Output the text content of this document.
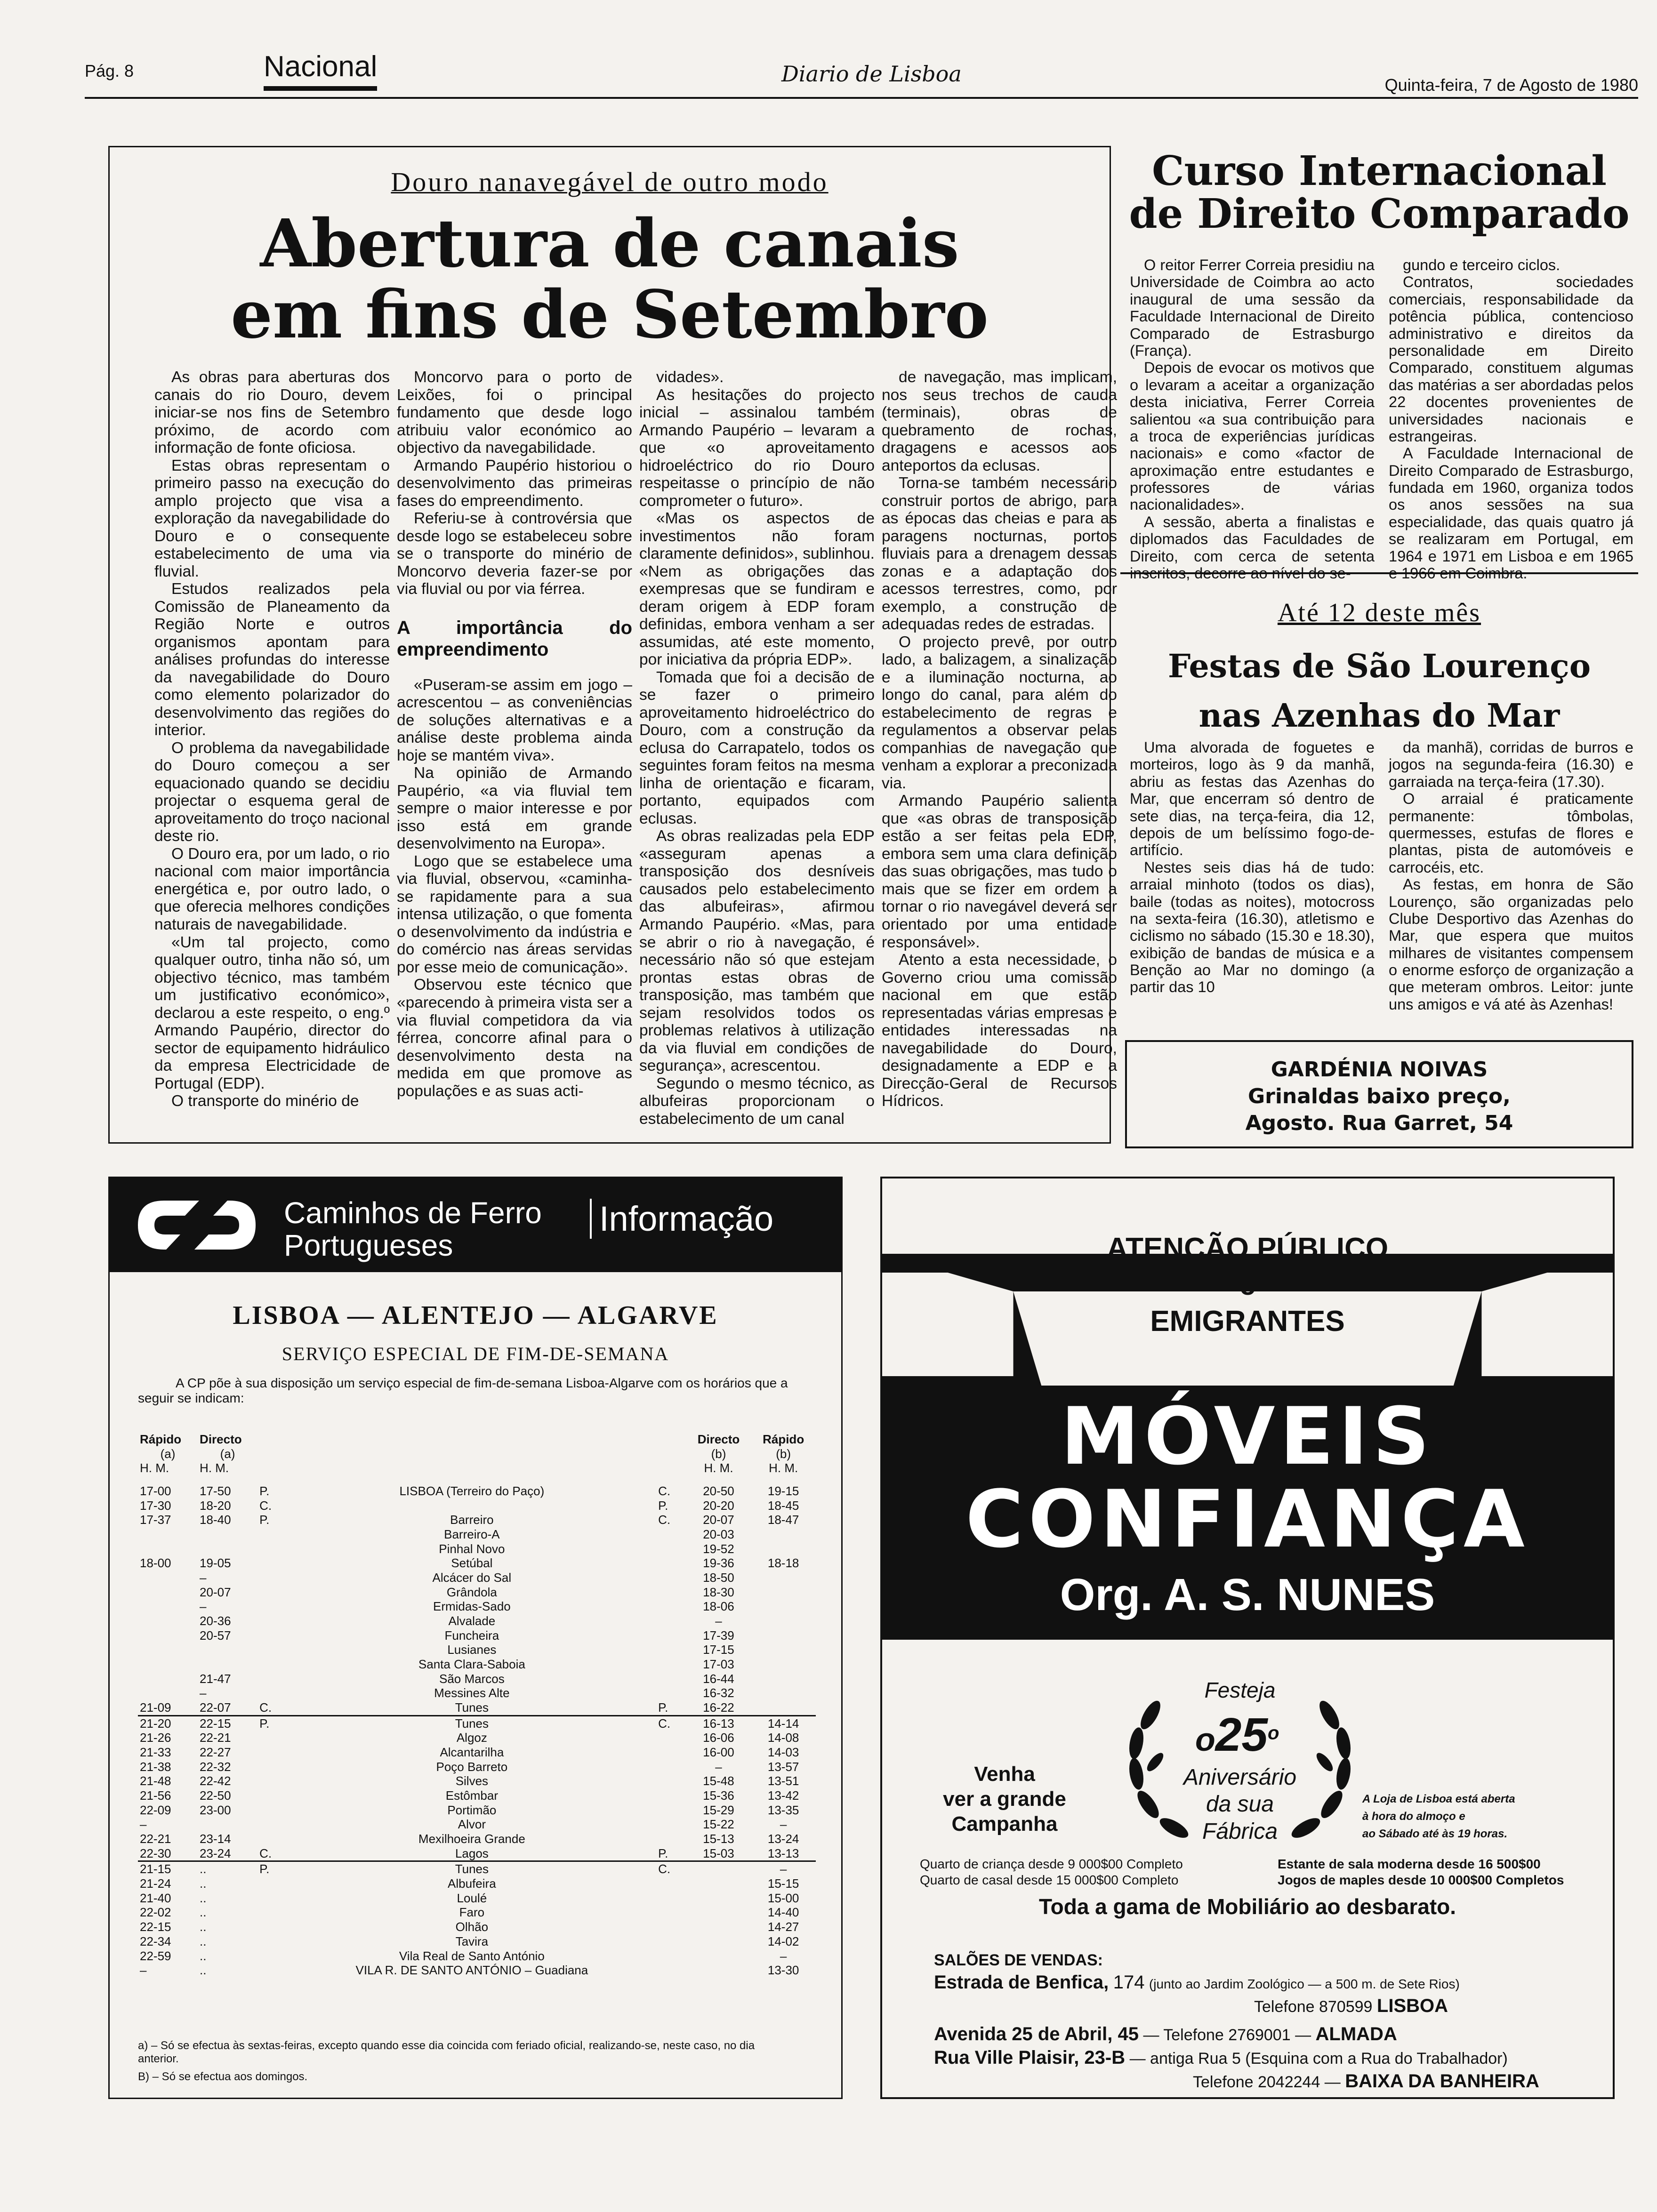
Pág. 8	Nacional	Diario de Lisboa	Quinta-feira, 7 de Agosto de 1980
Douro nanavegável de outro modo
Abertura de canais
em fins de Setembro

As obras para aberturas dos canais do rio Douro, devem iniciar-se nos fins de Setembro próximo, de acordo com informação de fonte oficiosa.

Estas obras representam o primeiro passo na execução do amplo projecto que visa a exploração da navegabilidade do Douro e o consequente estabelecimento de uma via fluvial.

Estudos realizados pela Comissão de Planeamento da Região Norte e outros organismos apontam para análises profundas do interesse da navegabilidade do Douro como elemento polarizador do desenvolvimento das regiões do interior.

O problema da navegabilidade do Douro começou a ser equacionado quando se decidiu projectar o esquema geral de aproveitamento do troço nacional deste rio.

O Douro era, por um lado, o rio nacional com maior importância energética e, por outro lado, o que oferecia melhores condições naturais de navegabilidade.

«Um tal projecto, como qualquer outro, tinha não só, um objectivo técnico, mas também um justificativo económico», declarou a este respeito, o eng.º Armando Paupério, director do sector de equipamento hidráulico da empresa Electricidade de Portugal (EDP).

O transporte do minério de

Moncorvo para o porto de Leixões, foi o principal fundamento que desde logo atribuiu valor económico ao objectivo da navegabilidade.

Armando Paupério historiou o desenvolvimento das primeiras fases do empreendimento.

Referiu-se à controvérsia que desde logo se estabeleceu sobre se o transporte do minério de Moncorvo deveria fazer-se por via fluvial ou por via férrea.

A importância do empreendimento

«Puseram-se assim em jogo – acrescentou – as conveniências de soluções alternativas e a análise deste problema ainda hoje se mantém viva».

Na opinião de Armando Paupério, «a via fluvial tem sempre o maior interesse e por isso está em grande desenvolvimento na Europa».

Logo que se estabelece uma via fluvial, observou, «caminha-se rapidamente para a sua intensa utilização, o que fomenta o desenvolvimento da indústria e do comércio nas áreas servidas por esse meio de comunicação».

Observou este técnico que «parecendo à primeira vista ser a via fluvial competidora da via férrea, concorre afinal para o desenvolvimento desta na medida em que promove as populações e as suas acti-

vidades».

As hesitações do projecto inicial – assinalou também Armando Paupério – levaram a que «o aproveitamento hidroeléctrico do rio Douro respeitasse o princípio de não comprometer o futuro».

«Mas os aspectos de investimentos não foram claramente definidos», sublinhou. «Nem as obrigações das exempresas que se fundiram e deram origem à EDP foram definidas, embora venham a ser assumidas, até este momento, por iniciativa da própria EDP».

Tomada que foi a decisão de se fazer o primeiro aproveitamento hidroeléctrico do Douro, com a construção da eclusa do Carrapatelo, todos os seguintes foram feitos na mesma linha de orientação e ficaram, portanto, equipados com eclusas.

As obras realizadas pela EDP «asseguram apenas a transposição dos desníveis causados pelo estabelecimento das albufeiras», afirmou Armando Paupério. «Mas, para se abrir o rio à navegação, é necessário não só que estejam prontas estas obras de transposição, mas também que sejam resolvidos todos os problemas relativos à utilização da via fluvial em condições de segurança», acrescentou.

Segundo o mesmo técnico, as albufeiras proporcionam o estabelecimento de um canal

de navegação, mas implicam, nos seus trechos de cauda (terminais), obras de quebramento de rochas, dragagens e acessos aos anteportos da eclusas.

Torna-se também necessário construir portos de abrigo, para as épocas das cheias e para as paragens nocturnas, portos fluviais para a drenagem dessas zonas e a adaptação dos acessos terrestres, como, por exemplo, a construção de adequadas redes de estradas.

O projecto prevê, por outro lado, a balizagem, a sinalização e a iluminação nocturna, ao longo do canal, para além do estabelecimento de regras e regulamentos a observar pelas companhias de navegação que venham a explorar a preconizada via.

Armando Paupério salienta que «as obras de transposição estão a ser feitas pela EDP, embora sem uma clara definição das suas obrigações, mas tudo o mais que se fizer em ordem a tornar o rio navegável deverá ser orientado por uma entidade responsável».

Atento a esta necessidade, o Governo criou uma comissão nacional em que estão representadas várias empresas e entidades interessadas na navegabilidade do Douro, designadamente a EDP e a Direcção-Geral de Recursos Hídricos.

Curso Internacional
de Direito Comparado

O reitor Ferrer Correia presidiu na Universidade de Coimbra ao acto inaugural de uma sessão da Faculdade Internacional de Direito Comparado de Estrasburgo (França).

Depois de evocar os motivos que o levaram a aceitar a organização desta iniciativa, Ferrer Correia salientou «a sua contribuição para a troca de experiências jurídicas nacionais» e como «factor de aproximação entre estudantes e professores de várias nacionalidades».

A sessão, aberta a finalistas e diplomados das Faculdades de Direito, com cerca de setenta inscritos, decorre ao nível do se-

gundo e terceiro ciclos.

Contratos, sociedades comerciais, responsabilidade da potência pública, contencioso administrativo e direitos da personalidade em Direito Comparado, constituem algumas das matérias a ser abordadas pelos 22 docentes provenientes de universidades nacionais e estrangeiras.

A Faculdade Internacional de Direito Comparado de Estrasburgo, fundada em 1960, organiza todos os anos sessões na sua especialidade, das quais quatro já se realizaram em Portugal, em 1964 e 1971 em Lisboa e em 1965 e 1966 em Coimbra.

Até 12 deste mês
Festas de São Lourenço
nas Azenhas do Mar

Uma alvorada de foguetes e morteiros, logo às 9 da manhã, abriu as festas das Azenhas do Mar, que encerram só dentro de sete dias, na terça-feira, dia 12, depois de um belíssimo fogo-de-artifício.

Nestes seis dias há de tudo: arraial minhoto (todos os dias), baile (todas as noites), motocross na sexta-feira (16.30), atletismo e ciclismo no sábado (15.30 e 18.30), exibição de bandas de música e a Benção ao Mar no domingo (a partir das 10

da manhã), corridas de burros e jogos na segunda-feira (16.30) e garraiada na terça-feira (17.30).

O arraial é praticamente permanente: tômbolas, quermesses, estufas de flores e plantas, pista de automóveis e carrocéis, etc.

As festas, em honra de São Lourenço, são organizadas pelo Clube Desportivo das Azenhas do Mar, que espera que muitos milhares de visitantes compensem o enorme esforço de organização a que meteram ombros. Leitor: junte uns amigos e vá até às Azenhas!

GARDÉNIA NOIVAS
Grinaldas baixo preço,
Agosto. Rua Garret, 54
Caminhos de Ferro
Portugueses
Informação
LISBOA — ALENTEJO — ALGARVE
SERVIÇO ESPECIAL DE FIM-DE-SEMANA
A CP põe à sua disposição um serviço especial de fim-de-semana Lisboa-Algarve com os horários que a seguir se indicam:
Rápido	Directo		Directo	Rápido
(a)	(a)		(b)	(b)
H. M.	H. M.		H. M.	H. M.
17-00	17-50	P.	LISBOA (Terreiro do Paço)	C.	20-50	19-15
17-30	18-20	C.		P.	20-20	18-45
17-37	18-40	P.	Barreiro	C.	20-07	18-47
			Barreiro-A		20-03	
			Pinhal Novo		19-52	
18-00	19-05		Setúbal		19-36	18-18
	–		Alcácer do Sal		18-50	
	20-07		Grândola		18-30	
	–		Ermidas-Sado		18-06	
	20-36		Alvalade		–	
	20-57		Funcheira		17-39	
			Lusianes		17-15	
			Santa Clara-Saboia		17-03	
	21-47		São Marcos		16-44	
	–		Messines Alte		16-32	
21-09	22-07	C.	Tunes	P.	16-22	
21-20	22-15	P.	Tunes	C.	16-13	14-14
21-26	22-21		Algoz		16-06	14-08
21-33	22-27		Alcantarilha		16-00	14-03
21-38	22-32		Poço Barreto		–	13-57
21-48	22-42		Silves		15-48	13-51
21-56	22-50		Estômbar		15-36	13-42
22-09	23-00		Portimão		15-29	13-35
–			Alvor		15-22	–
22-21	23-14		Mexilhoeira Grande		15-13	13-24
22-30	23-24	C.	Lagos	P.	15-03	13-13
21-15	..	P.	Tunes	C.		–
21-24	..		Albufeira			15-15
21-40	..		Loulé			15-00
22-02	..		Faro			14-40
22-15	..		Olhão			14-27
22-34	..		Tavira			14-02
22-59	..		Vila Real de Santo António			–
–	..		VILA R. DE SANTO ANTÓNIO – Guadiana			13-30
a) – Só se efectua às sextas-feiras, excepto quando esse dia coincida com feriado oficial, realizando-se, neste caso, no dia anterior.
B) – Só se efectua aos domingos.
ATENÇÃO PÚBLICO
e
EMIGRANTES
MÓVEIS
CONFIANÇA
Org. A. S. NUNES
Festeja
o25$^o$
Aniversário
da sua
Fábrica
Venha
ver a grande
Campanha
A Loja de Lisboa está aberta
à hora do almoço e
ao Sábado até às 19 horas.
Quarto de criança desde 9 000$00 Completo
Quarto de casal desde 15 000$00 Completo
Estante de sala moderna desde 16 500$00
Jogos de maples desde 10 000$00 Completos
Toda a gama de Mobiliário ao desbarato.
SALÕES DE VENDAS:
Estrada de Benfica, 174 (junto ao Jardim Zoológico — a 500 m. de Sete Rios)
Telefone 870599 LISBOA
Avenida 25 de Abril, 45 — Telefone 2769001 — ALMADA
Rua Ville Plaisir, 23-B — antiga Rua 5 (Esquina com a Rua do Trabalhador)
Telefone 2042244 — BAIXA DA BANHEIRA
